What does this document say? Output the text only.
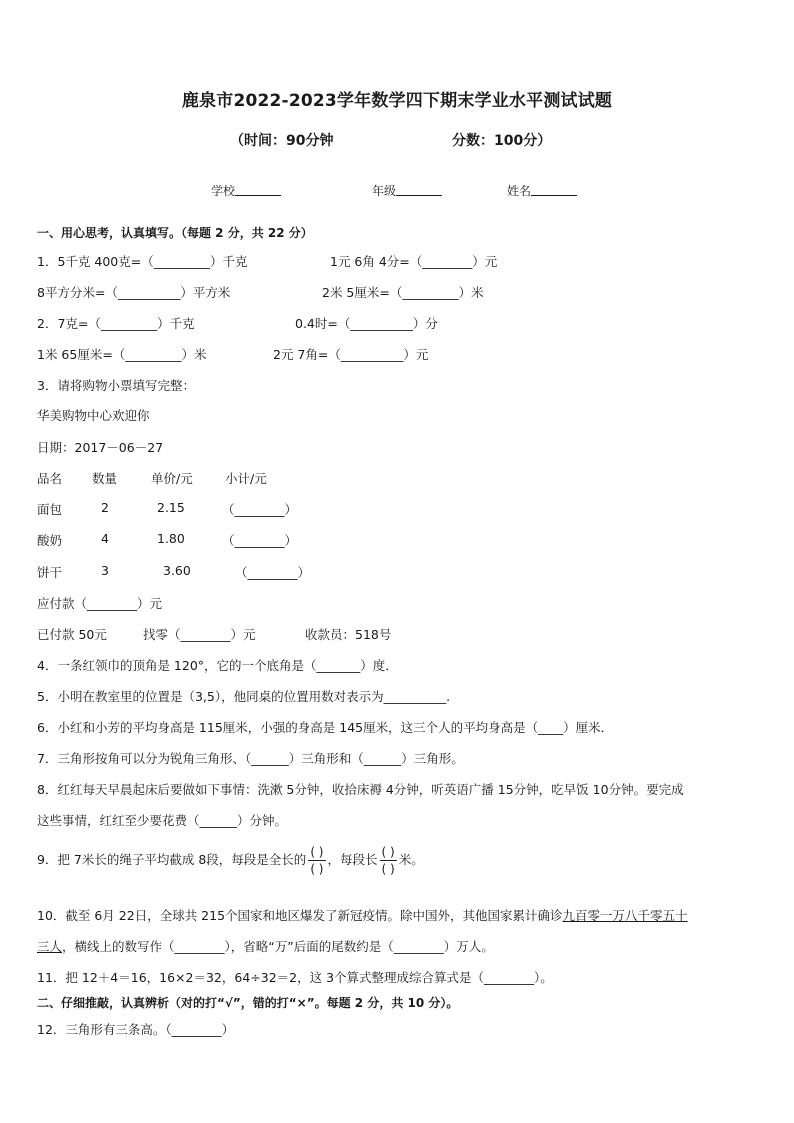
鹿泉市2022-2023学年数学四下期末学业水平测试试题
（时间：90分钟	分数：100分）
学校	年级	姓名
一、用心思考，认真填写。（每题 2 分，共 22 分）
1．5千克 400克=（_________）千克	1元 6角 4分=（________）元
8平方分米=（__________）平方米	2米 5厘米=（_________）米
2．7克=（_________）千克	0.4时=（__________）分
1米 65厘米=（_________）米	2元 7角=（__________）元
3．请将购物小票填写完整：
华美购物中心欢迎你
日期：2017－06－27
品名 数量	单价/元	小计/元
面包	2	2.15	（________）
酸奶	4	1.80	（________）
饼干	3	3.60	（________）
应付款（________）元
已付款 50元	找零（________）元	收款员：518号
4．一条红领巾的顶角是 120°，它的一个底角是（_______）度．
5．小明在教室里的位置是（3,5），他同桌的位置用数对表示为__________.
6．小红和小芳的平均身高是 115厘米，小强的身高是 145厘米，这三个人的平均身高是（____）厘米．
7．三角形按角可以分为锐角三角形、（______）三角形和（______）三角形。
8．红红每天早晨起床后要做如下事情：洗漱 5分钟，收拾床褥 4分钟，听英语广播 15分钟，吃早饭 10分钟。要完成
这些事情，红红至少要花费（______）分钟。
9．把 7米长的绳子平均截成 8段，每段是全长的 $\frac{( )}{( )}$ ，每段长 $\frac{( )}{( )}$ 米。
10．截至 6月 22日，全球共 215个国家和地区爆发了新冠疫情。除中国外，其他国家累计确诊九百零一万八千零五十
三人，横线上的数写作（________），省略“万”后面的尾数约是（________）万人。
11．把 12＋4＝16，16×2＝32，64÷32＝2，这 3个算式整理成综合算式是（________）。
二、仔细推敲，认真辨析（对的打“√”，错的打“×”。每题 2 分，共 10 分）。
12．三角形有三条高。（________）
